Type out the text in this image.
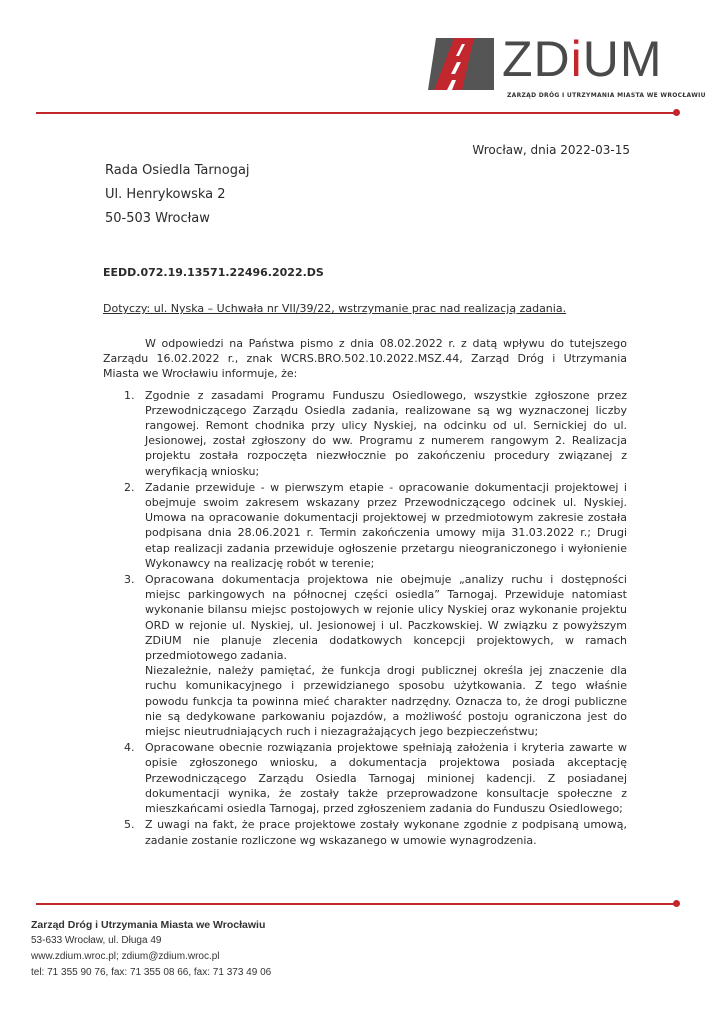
ZDiUM
ZARZĄD DRÓG I UTRZYMANIA MIASTA WE WROCŁAWIU
Wrocław, dnia 2022-03-15
Rada Osiedla Tarnogaj
Ul. Henrykowska 2
50-503 Wrocław
EEDD.072.19.13571.22496.2022.DS
Dotyczy: ul. Nyska – Uchwała nr VII/39/22, wstrzymanie prac nad realizacją zadania.

W odpowiedzi na Państwa pismo z dnia 08.02.2022 r. z datą wpływu do tutejszego Zarządu 16.02.2022 r., znak WCRS.BRO.502.10.2022.MSZ.44, Zarząd Dróg i Utrzymania Miasta we Wrocławiu informuje, że:

1. Zgodnie z zasadami Programu Funduszu Osiedlowego, wszystkie zgłoszone przez Przewodniczącego Zarządu Osiedla zadania, realizowane są wg wyznaczonej liczby rangowej. Remont chodnika przy ulicy Nyskiej, na odcinku od ul. Sernickiej do ul. Jesionowej, został zgłoszony do ww. Programu z numerem rangowym 2. Realizacja projektu została rozpoczęta niezwłocznie po zakończeniu procedury związanej z weryfikacją wniosku;
2. Zadanie przewiduje - w pierwszym etapie - opracowanie dokumentacji projektowej i obejmuje swoim zakresem wskazany przez Przewodniczącego odcinek ul. Nyskiej. Umowa na opracowanie dokumentacji projektowej w przedmiotowym zakresie została podpisana dnia 28.06.2021 r. Termin zakończenia umowy mija 31.03.2022 r.; Drugi etap realizacji zadania przewiduje ogłoszenie przetargu nieograniczonego i wyłonienie Wykonawcy na realizację robót w terenie;
3. Opracowana dokumentacja projektowa nie obejmuje „analizy ruchu i dostępności miejsc parkingowych na północnej części osiedla” Tarnogaj. Przewiduje natomiast wykonanie bilansu miejsc postojowych w rejonie ulicy Nyskiej oraz wykonanie projektu ORD w rejonie ul. Nyskiej, ul. Jesionowej i ul. Paczkowskiej. W związku z powyższym ZDiUM nie planuje zlecenia dodatkowych koncepcji projektowych, w ramach przedmiotowego zadania.
Niezależnie, należy pamiętać, że funkcja drogi publicznej określa jej znaczenie dla ruchu komunikacyjnego i przewidzianego sposobu użytkowania. Z tego właśnie powodu funkcja ta powinna mieć charakter nadrzędny. Oznacza to, że drogi publiczne nie są dedykowane parkowaniu pojazdów, a możliwość postoju ograniczona jest do miejsc nieutrudniających ruch i niezagrażających jego bezpieczeństwu;
4. Opracowane obecnie rozwiązania projektowe spełniają założenia i kryteria zawarte w opisie zgłoszonego wniosku, a dokumentacja projektowa posiada akceptację Przewodniczącego Zarządu Osiedla Tarnogaj minionej kadencji. Z posiadanej dokumentacji wynika, że zostały także przeprowadzone konsultacje społeczne z mieszkańcami osiedla Tarnogaj, przed zgłoszeniem zadania do Funduszu Osiedlowego;
5. Z uwagi na fakt, że prace projektowe zostały wykonane zgodnie z podpisaną umową, zadanie zostanie rozliczone wg wskazanego w umowie wynagrodzenia.
Zarząd Dróg i Utrzymania Miasta we Wrocławiu
53-633 Wrocław, ul. Długa 49
www.zdium.wroc.pl; zdium@zdium.wroc.pl
tel: 71 355 90 76, fax: 71 355 08 66, fax: 71 373 49 06
